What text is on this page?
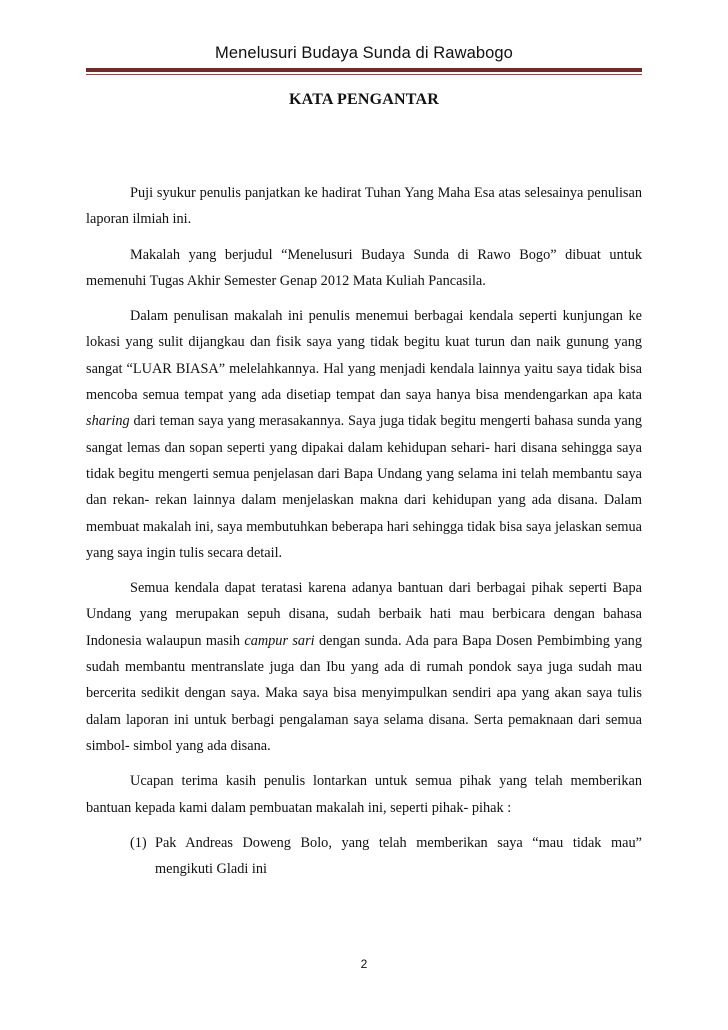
Menelusuri Budaya Sunda di Rawabogo
KATA PENGANTAR

Puji syukur penulis panjatkan ke hadirat Tuhan Yang Maha Esa atas selesainya penulisan laporan ilmiah ini.

Makalah yang berjudul “Menelusuri Budaya Sunda di Rawo Bogo” dibuat untuk memenuhi Tugas Akhir Semester Genap 2012 Mata Kuliah Pancasila.

Dalam penulisan makalah ini penulis menemui berbagai kendala seperti kunjungan ke lokasi yang sulit dijangkau dan fisik saya yang tidak begitu kuat turun dan naik gunung yang sangat “LUAR BIASA” melelahkannya. Hal yang menjadi kendala lainnya yaitu saya tidak bisa mencoba semua tempat yang ada disetiap tempat dan saya hanya bisa mendengarkan apa kata sharing dari teman saya yang merasakannya. Saya juga tidak begitu mengerti bahasa sunda yang sangat lemas dan sopan seperti yang dipakai dalam kehidupan sehari- hari disana sehingga saya tidak begitu mengerti semua penjelasan dari Bapa Undang yang selama ini telah membantu saya dan rekan- rekan lainnya dalam menjelaskan makna dari kehidupan yang ada disana. Dalam membuat makalah ini, saya membutuhkan beberapa hari sehingga tidak bisa saya jelaskan semua yang saya ingin tulis secara detail.

Semua kendala dapat teratasi karena adanya bantuan dari berbagai pihak seperti Bapa Undang yang merupakan sepuh disana, sudah berbaik hati mau berbicara dengan bahasa Indonesia walaupun masih campur sari dengan sunda. Ada para Bapa Dosen Pembimbing yang sudah membantu mentranslate juga dan Ibu yang ada di rumah pondok saya juga sudah mau bercerita sedikit dengan saya. Maka saya bisa menyimpulkan sendiri apa yang akan saya tulis dalam laporan ini untuk berbagi pengalaman saya selama disana. Serta pemaknaan dari semua simbol- simbol yang ada disana.

Ucapan terima kasih penulis lontarkan untuk semua pihak yang telah memberikan bantuan kepada kami dalam pembuatan makalah ini, seperti pihak- pihak :

(1) Pak Andreas Doweng Bolo, yang telah memberikan saya “mau tidak mau” mengikuti Gladi ini
2
